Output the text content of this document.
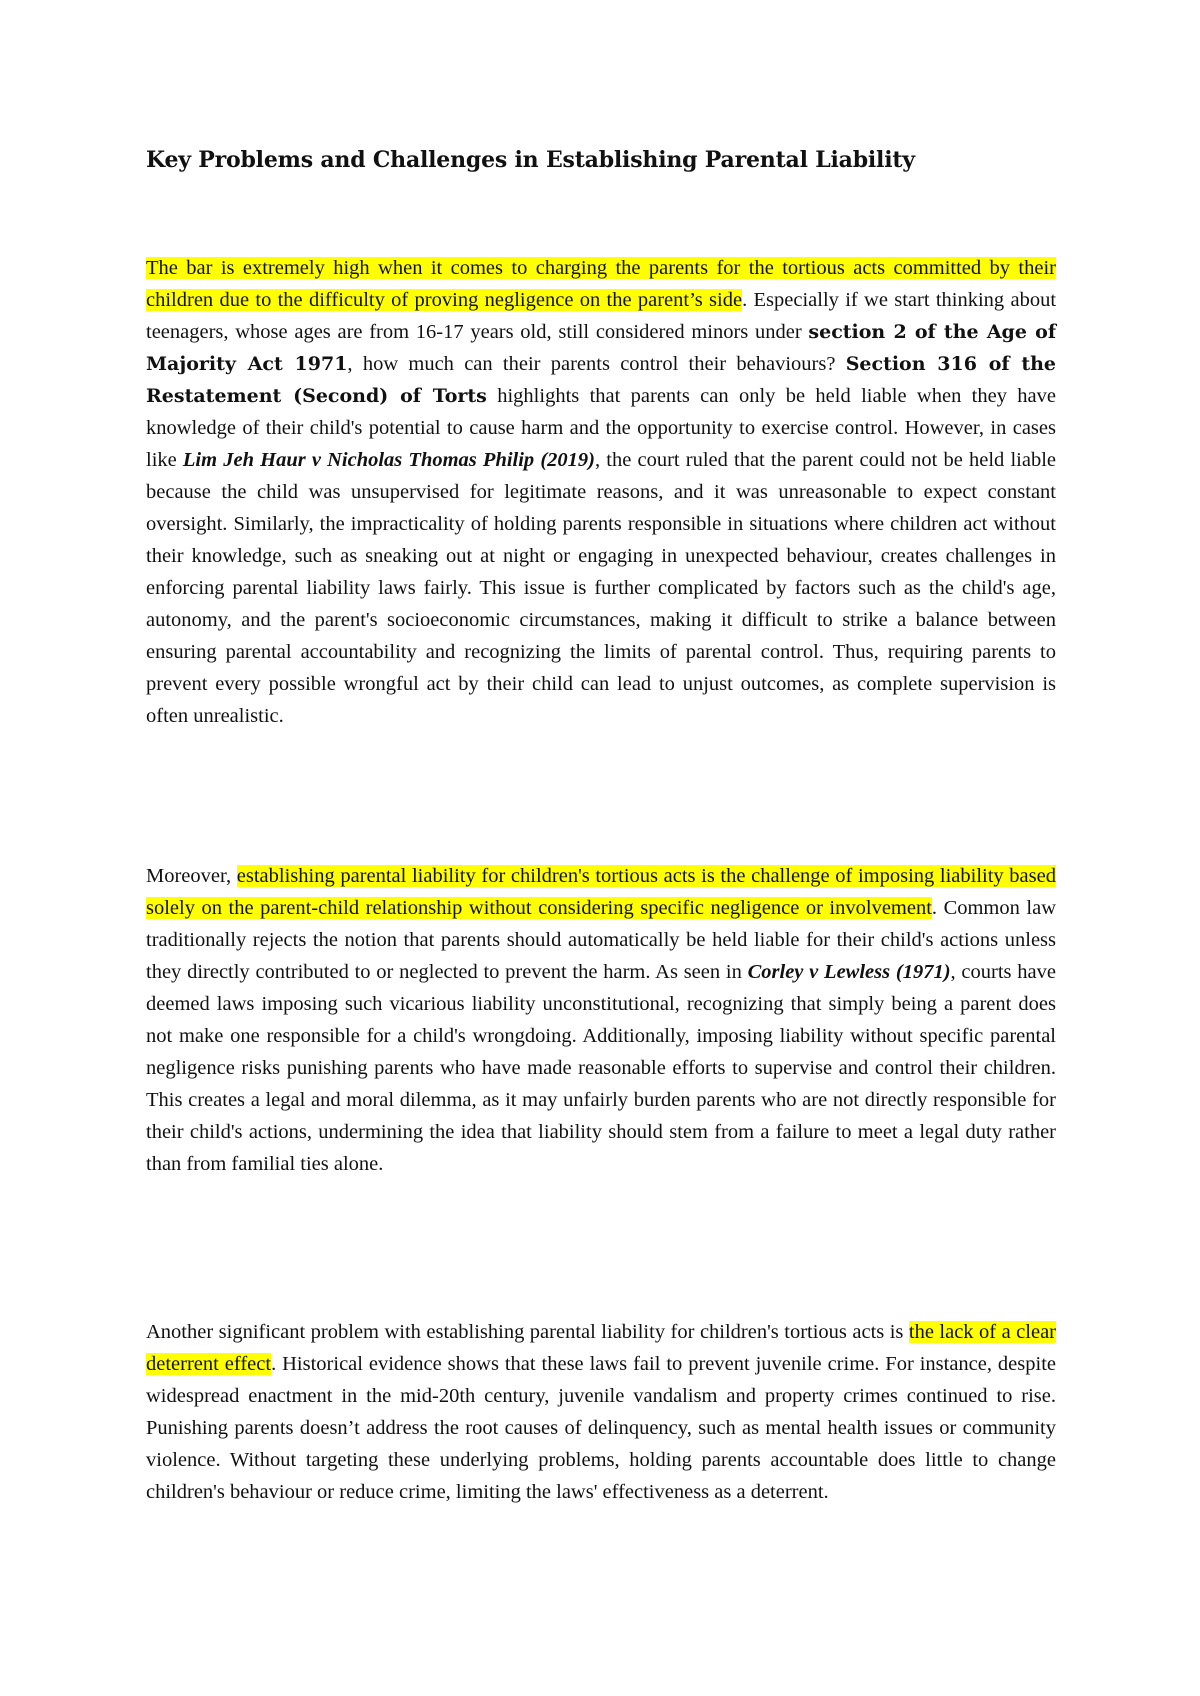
Key Problems and Challenges in Establishing Parental Liability

The bar is extremely high when it comes to charging the parents for the tortious acts committed by their children due to the difficulty of proving negligence on the parent’s side. Especially if we start thinking about teenagers, whose ages are from 16-17 years old, still considered minors under section 2 of the Age of Majority Act 1971, how much can their parents control their behaviours? Section 316 of the Restatement (Second) of Torts highlights that parents can only be held liable when they have knowledge of their child's potential to cause harm and the opportunity to exercise control. However, in cases like Lim Jeh Haur v Nicholas Thomas Philip (2019), the court ruled that the parent could not be held liable because the child was unsupervised for legitimate reasons, and it was unreasonable to expect constant oversight. Similarly, the impracticality of holding parents responsible in situations where children act without their knowledge, such as sneaking out at night or engaging in unexpected behaviour, creates challenges in enforcing parental liability laws fairly. This issue is further complicated by factors such as the child's age, autonomy, and the parent's socioeconomic circumstances, making it difficult to strike a balance between ensuring parental accountability and recognizing the limits of parental control. Thus, requiring parents to prevent every possible wrongful act by their child can lead to unjust outcomes, as complete supervision is often unrealistic.

Moreover, establishing parental liability for children's tortious acts is the challenge of imposing liability based solely on the parent-child relationship without considering specific negligence or involvement. Common law traditionally rejects the notion that parents should automatically be held liable for their child's actions unless they directly contributed to or neglected to prevent the harm. As seen in Corley v Lewless (1971), courts have deemed laws imposing such vicarious liability unconstitutional, recognizing that simply being a parent does not make one responsible for a child's wrongdoing. Additionally, imposing liability without specific parental negligence risks punishing parents who have made reasonable efforts to supervise and control their children. This creates a legal and moral dilemma, as it may unfairly burden parents who are not directly responsible for their child's actions, undermining the idea that liability should stem from a failure to meet a legal duty rather than from familial ties alone.

Another significant problem with establishing parental liability for children's tortious acts is the lack of a clear deterrent effect. Historical evidence shows that these laws fail to prevent juvenile crime. For instance, despite widespread enactment in the mid-20th century, juvenile vandalism and property crimes continued to rise. Punishing parents doesn’t address the root causes of delinquency, such as mental health issues or community violence. Without targeting these underlying problems, holding parents accountable does little to change children's behaviour or reduce crime, limiting the laws' effectiveness as a deterrent.
